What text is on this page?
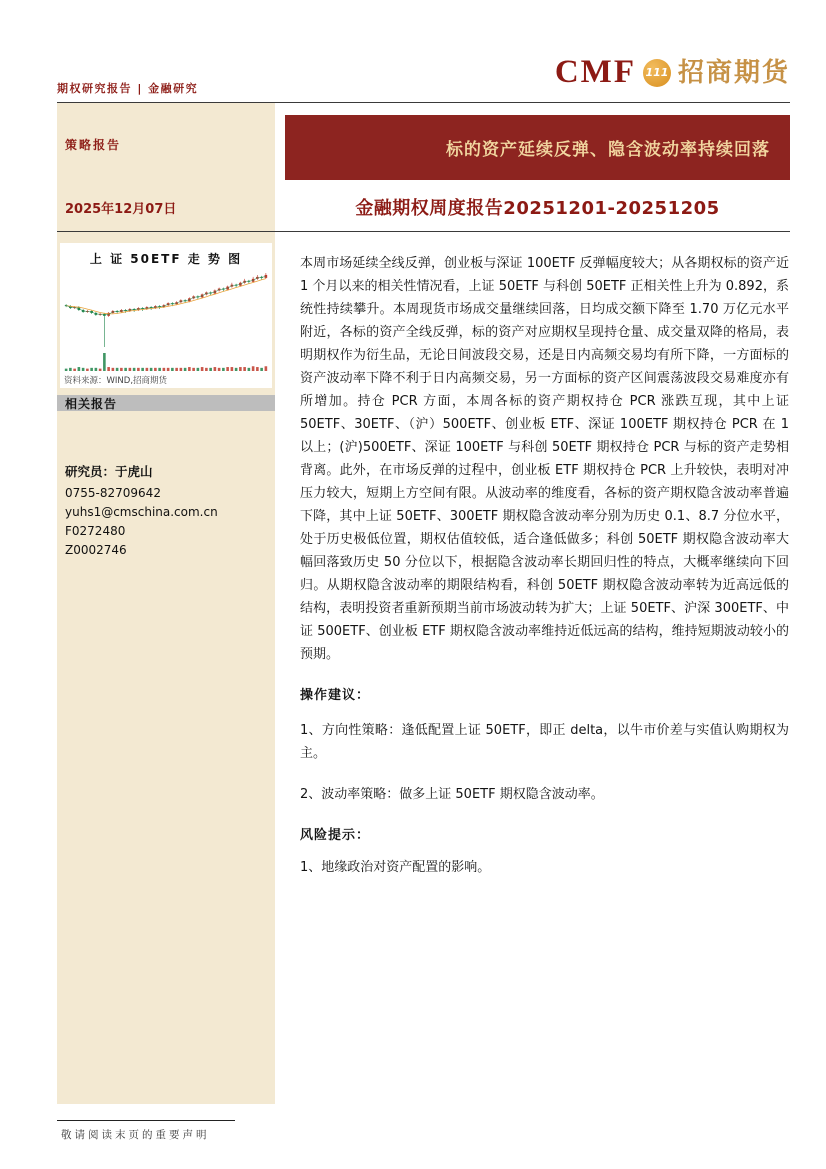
期权研究报告 | 金融研究	CMF 111 招商期货
标的资产延续反弹、隐含波动率持续回落
策略报告
2025年12月07日	金融期权周度报告20251201-20251205
上 证 50ETF 走 势 图
资料来源：WIND,招商期货
相关报告
研究员：于虎山
0755-82709642
yuhs1@cmschina.com.cn
F0272480
Z0002746

本周市场延续全线反弹，创业板与深证 100ETF 反弹幅度较大；从各期权标的资产近 1 个月以来的相关性情况看，上证 50ETF 与科创 50ETF 正相关性上升为 0.892，系统性持续攀升。本周现货市场成交量继续回落，日均成交额下降至 1.70 万亿元水平附近，各标的资产全线反弹，标的资产对应期权呈现持仓量、成交量双降的格局，表明期权作为衍生品，无论日间波段交易，还是日内高频交易均有所下降，一方面标的资产波动率下降不利于日内高频交易，另一方面标的资产区间震荡波段交易难度亦有所增加。持仓 PCR 方面，本周各标的资产期权持仓 PCR 涨跌互现，其中上证 50ETF、30ETF、（沪）500ETF、创业板 ETF、深证 100ETF 期权持仓 PCR 在 1 以上；(沪)500ETF、深证 100ETF 与科创 50ETF 期权持仓 PCR 与标的资产走势相背离。此外，在市场反弹的过程中，创业板 ETF 期权持仓 PCR 上升较快，表明对冲压力较大，短期上方空间有限。从波动率的维度看，各标的资产期权隐含波动率普遍下降，其中上证 50ETF、300ETF 期权隐含波动率分别为历史 0.1、8.7 分位水平，处于历史极低位置，期权估值较低，适合逢低做多；科创 50ETF 期权隐含波动率大幅回落致历史 50 分位以下，根据隐含波动率长期回归性的特点，大概率继续向下回归。从期权隐含波动率的期限结构看，科创 50ETF 期权隐含波动率转为近高远低的结构，表明投资者重新预期当前市场波动转为扩大；上证 50ETF、沪深 300ETF、中证 500ETF、创业板 ETF 期权隐含波动率维持近低远高的结构，维持短期波动较小的预期。

操作建议：

1、方向性策略：逢低配置上证 50ETF，即正 delta，以牛市价差与实值认购期权为主。

2、波动率策略：做多上证 50ETF 期权隐含波动率。

风险提示：

1、地缘政治对资产配置的影响。

敬请阅读末页的重要声明
